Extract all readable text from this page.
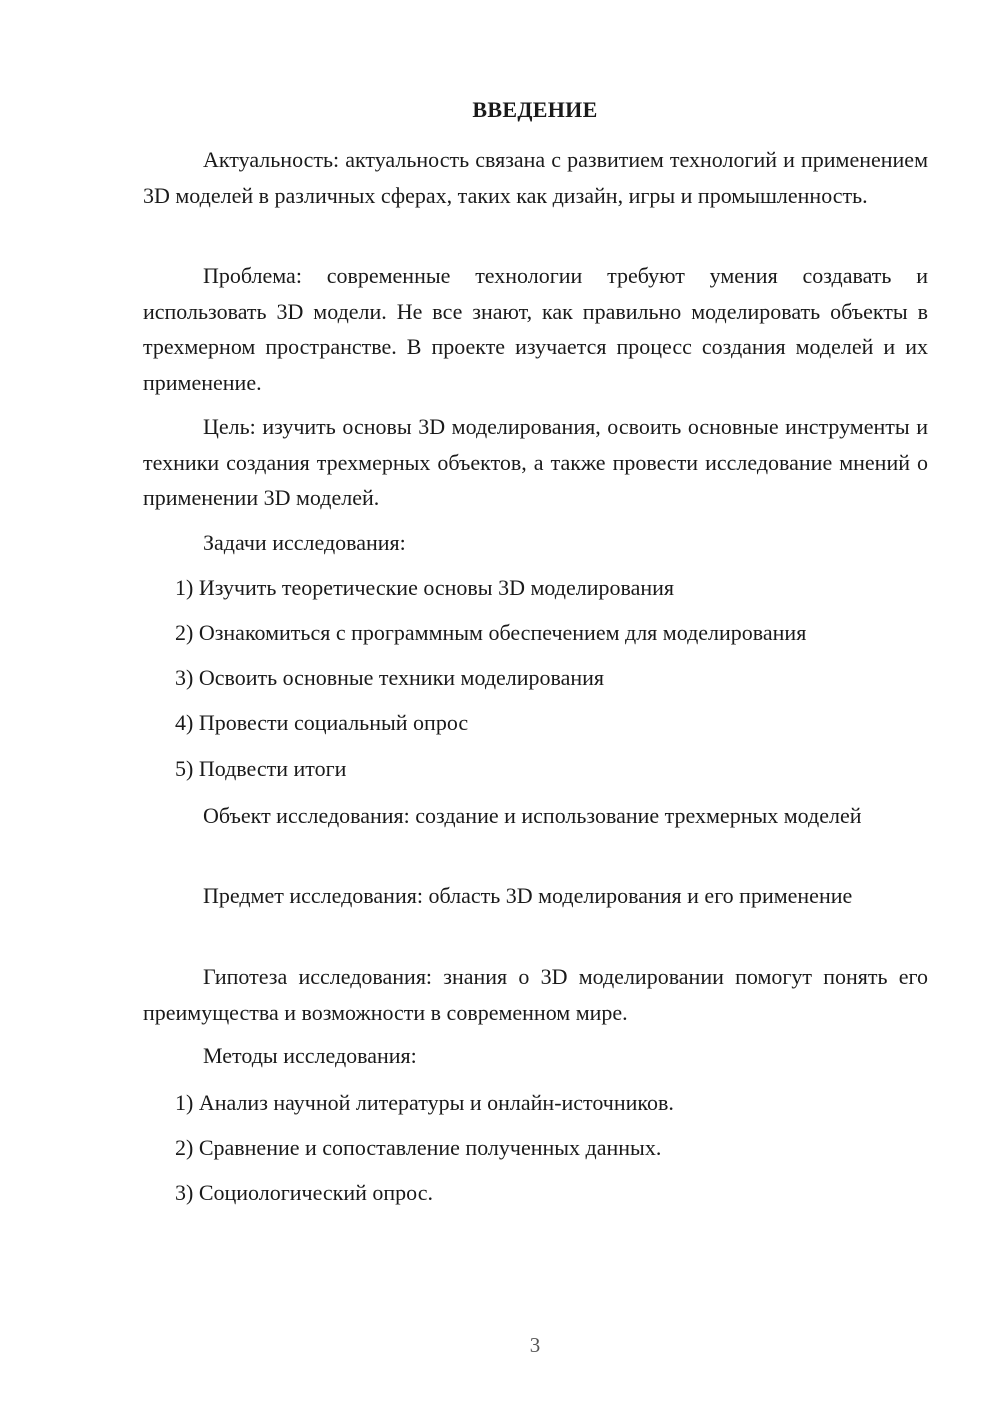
ВВЕДЕНИЕ

Актуальность: актуальность связана с развитием технологий и применением 3D моделей в различных сферах, таких как дизайн, игры и промышленность.

Проблема: современные технологии требуют умения создавать и использовать 3D модели. Не все знают, как правильно моделировать объекты в трехмерном пространстве. В проекте изучается процесс создания моделей и их применение.

Цель: изучить основы 3D моделирования, освоить основные инструменты и техники создания трехмерных объектов, а также провести исследование мнений о применении 3D моделей.

Задачи исследования:

1) Изучить теоретические основы 3D моделирования

2) Ознакомиться с программным обеспечением для моделирования

3) Освоить основные техники моделирования

4) Провести социальный опрос

5) Подвести итоги

Объект исследования: создание и использование трехмерных моделей

Предмет исследования: область 3D моделирования и его применение

Гипотеза исследования: знания о 3D моделировании помогут понять его преимущества и возможности в современном мире.

Методы исследования:

1) Анализ научной литературы и онлайн-источников.

2) Сравнение и сопоставление полученных данных.

3) Социологический опрос.

3
